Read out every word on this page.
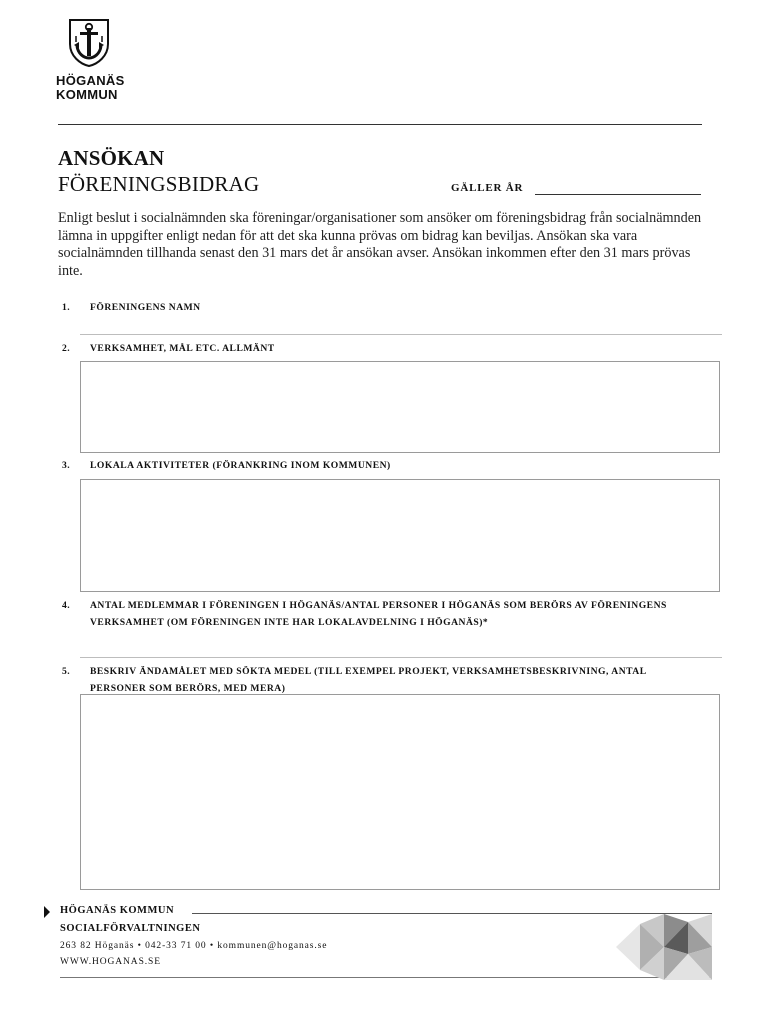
HÖGANÄS
KOMMUN
ANSÖKAN
FÖRENINGSBIDRAG	GÄLLER ÅR
Enligt beslut i socialnämnden ska föreningar/organisationer som ansöker om föreningsbidrag från socialnämnden lämna in uppgifter enligt nedan för att det ska kunna prövas om bidrag kan beviljas. Ansökan ska vara socialnämnden tillhanda senast den 31 mars det år ansökan avser. Ansökan inkommen efter den 31 mars prövas inte.
1. FÖRENINGENS NAMN
2. VERKSAMHET, MÅL ETC. ALLMÄNT
3. LOKALA AKTIVITETER (FÖRANKRING INOM KOMMUNEN)
4. ANTAL MEDLEMMAR I FÖRENINGEN I HÖGANÄS/ANTAL PERSONER I HÖGANÄS SOM BERÖRS AV FÖRENINGENS VERKSAMHET (OM FÖRENINGEN INTE HAR LOKALAVDELNING I HÖGANÄS)*
5. BESKRIV ÄNDAMÅLET MED SÖKTA MEDEL (TILL EXEMPEL PROJEKT, VERKSAMHETSBESKRIVNING, ANTAL PERSONER SOM BERÖRS, MED MERA)
HÖGANÄS KOMMUN
SOCIALFÖRVALTNINGEN
263 82 Höganäs • 042-33 71 00 • kommunen@hoganas.se
WWW.HOGANAS.SE
